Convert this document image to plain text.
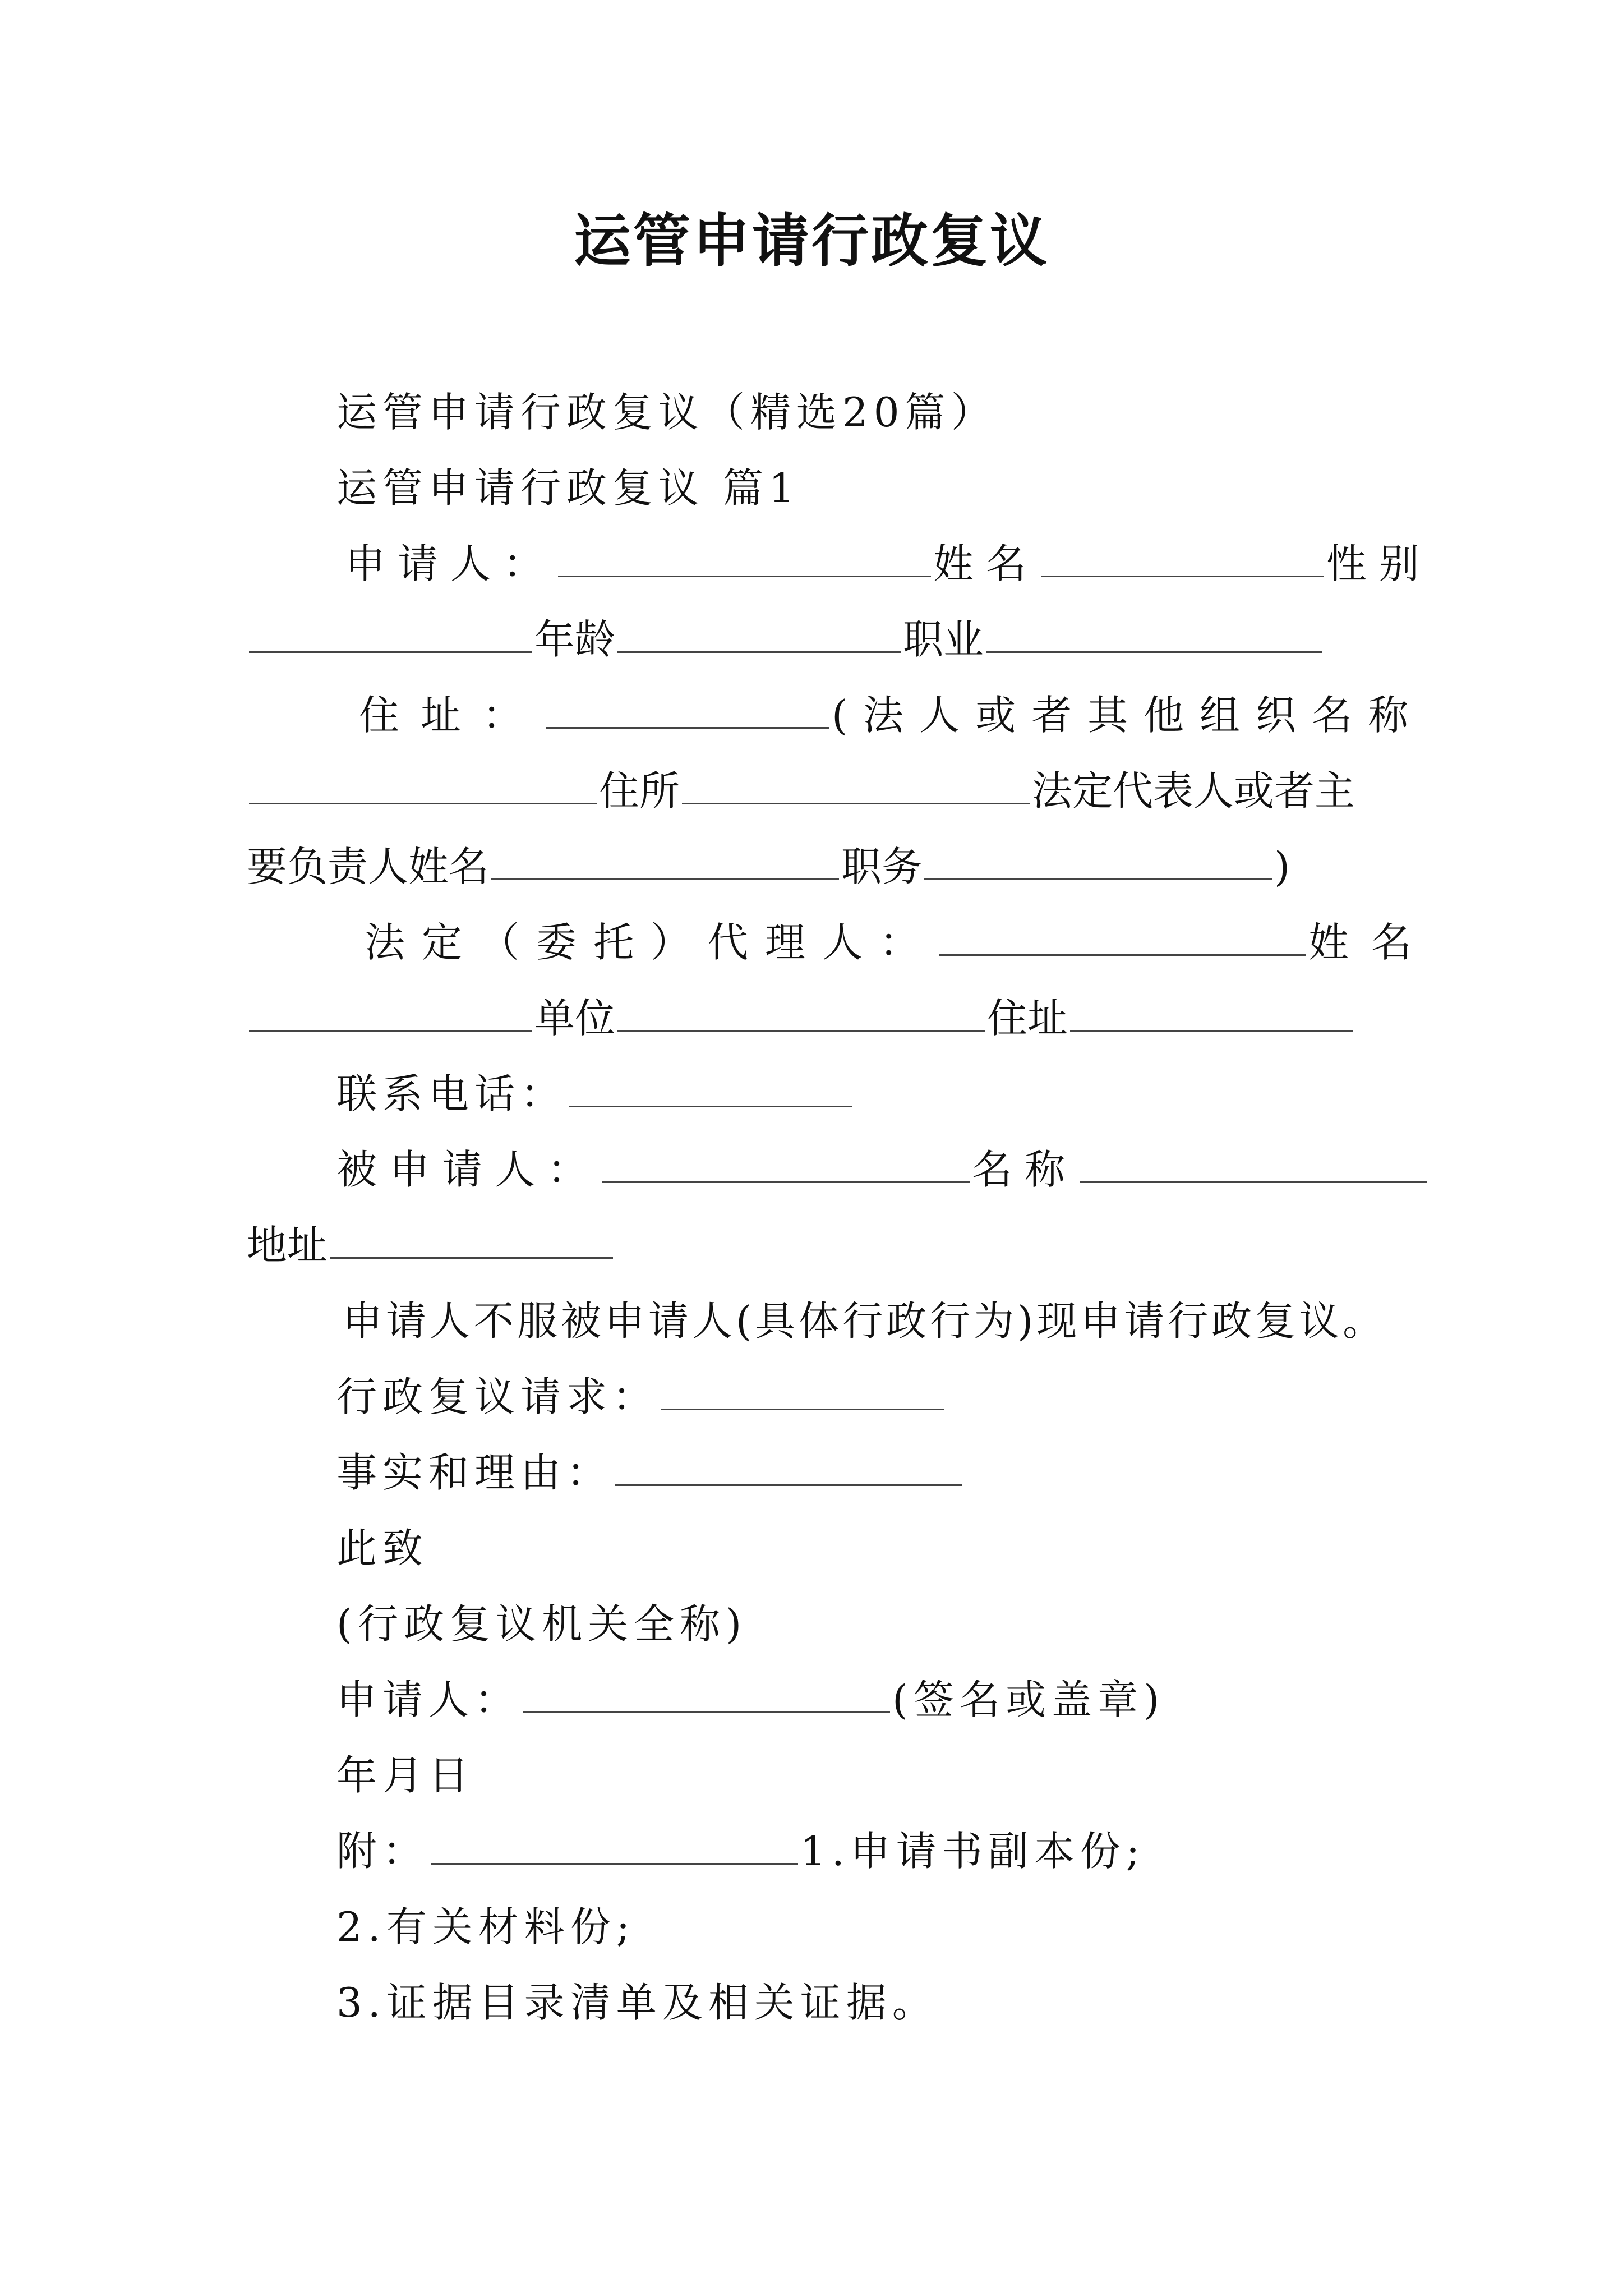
运管申请行政复议
运管申请行政复议（精选20篇）
运管申请行政复议 篇1
申请人：	姓名	性别
年龄	职业
住址：	(法人或者其他组织名称
住所	法定代表人或者主
要负责人姓名	职务	)
法定（委托）代理人：	姓名
单位	住址
联系电话：
被申请人：	名称
地址
申请人不服被申请人(具体行政行为)现申请行政复议。
行政复议请求：
事实和理由：
此致
(行政复议机关全称)
申请人：	(签名或盖章)
年月日
附：	1.申请书副本份;
2.有关材料份;
3.证据目录清单及相关证据。
